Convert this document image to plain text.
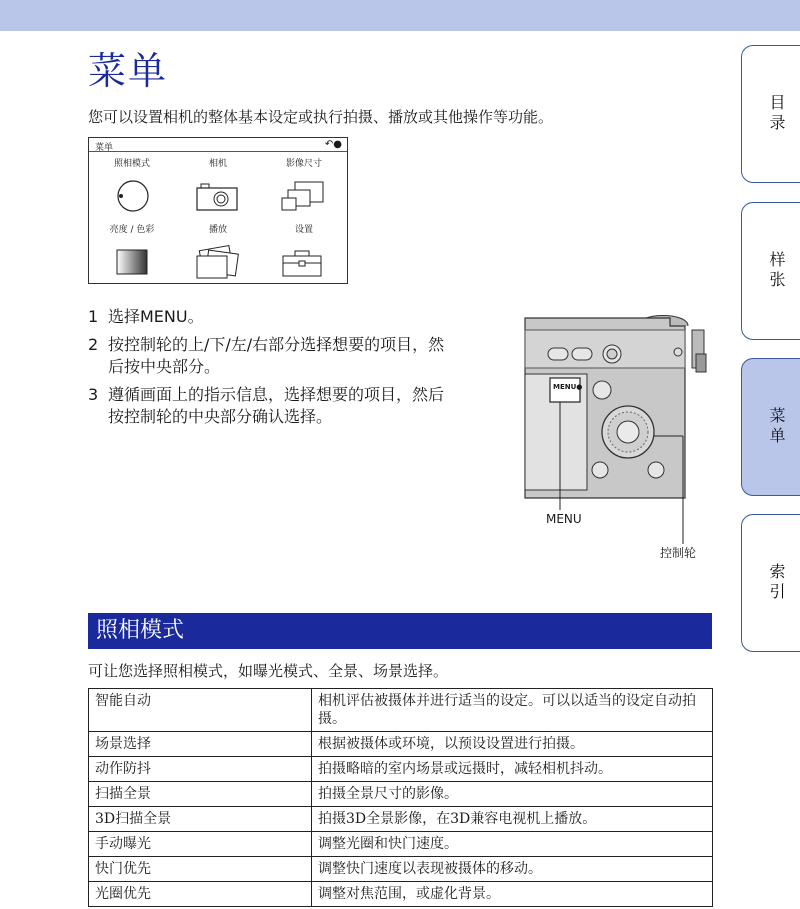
菜单

您可以设置相机的整体基本设定或执行拍摄、播放或其他操作等功能。

菜单	↶●
照相模式	相机	影像尺寸
亮度 / 色彩	播放	设置
1 选择MENU。
2 按控制轮的上/下/左/右部分选择想要的项目，然后按中央部分。
3 遵循画面上的指示信息，选择想要的项目，然后按控制轮的中央部分确认选择。
MENU●
MENU
控制轮
目录
样张
菜单
索引
照相模式

可让您选择照相模式，如曝光模式、全景、场景选择。

智能自动	相机评估被摄体并进行适当的设定。可以以适当的设定自动拍摄。
场景选择	根据被摄体或环境，以预设设置进行拍摄。
动作防抖	拍摄略暗的室内场景或远摄时，减轻相机抖动。
扫描全景	拍摄全景尺寸的影像。
3D扫描全景	拍摄3D全景影像，在3D兼容电视机上播放。
手动曝光	调整光圈和快门速度。
快门优先	调整快门速度以表现被摄体的移动。
光圈优先	调整对焦范围，或虚化背景。
